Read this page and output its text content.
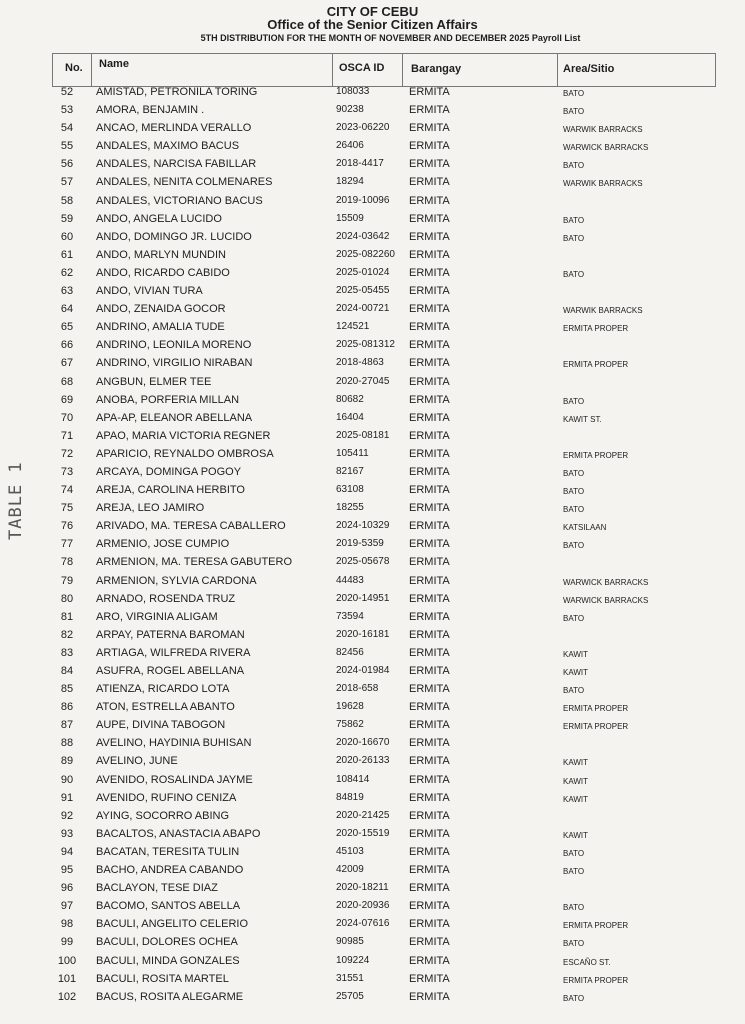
CITY OF CEBU
Office of the Senior Citizen Affairs
5TH DISTRIBUTION FOR THE MONTH OF NOVEMBER AND DECEMBER 2025 Payroll List
No. Name	OSCA ID Barangay	Area/Sitio
52	AMISTAD, PETRONILA TORING	108033	ERMITA	BATO
53	AMORA, BENJAMIN .	90238	ERMITA	BATO
54	ANCAO, MERLINDA VERALLO	2023-06220 ERMITA	WARWIK BARRACKS
55	ANDALES, MAXIMO BACUS	26406	ERMITA	WARWICK BARRACKS
56	ANDALES, NARCISA FABILLAR	2018-4417 ERMITA	BATO
57	ANDALES, NENITA COLMENARES	18294	ERMITA	WARWIK BARRACKS
58	ANDALES, VICTORIANO BACUS	2019-10096 ERMITA
59	ANDO, ANGELA LUCIDO	15509	ERMITA	BATO
60	ANDO, DOMINGO JR. LUCIDO	2024-03642 ERMITA	BATO
61	ANDO, MARLYN MUNDIN	2025-082260 ERMITA
62	ANDO, RICARDO CABIDO	2025-01024 ERMITA	BATO
63	ANDO, VIVIAN TURA	2025-05455 ERMITA
64	ANDO, ZENAIDA GOCOR	2024-00721 ERMITA	WARWIK BARRACKS
65	ANDRINO, AMALIA TUDE	124521	ERMITA	ERMITA PROPER
66	ANDRINO, LEONILA MORENO	2025-081312 ERMITA
67	ANDRINO, VIRGILIO NIRABAN	2018-4863 ERMITA	ERMITA PROPER
68	ANGBUN, ELMER TEE	2020-27045 ERMITA
69	ANOBA, PORFERIA MILLAN	80682	ERMITA	BATO
70	APA-AP, ELEANOR ABELLANA	16404	ERMITA	KAWIT ST.
71	APAO, MARIA VICTORIA REGNER	2025-08181 ERMITA
72	APARICIO, REYNALDO OMBROSA	105411	ERMITA	ERMITA PROPER
73	ARCAYA, DOMINGA POGOY	82167	ERMITA	BATO
74	AREJA, CAROLINA HERBITO	63108	ERMITA	BATO
75	AREJA, LEO JAMIRO	18255	ERMITA	BATO
76	ARIVADO, MA. TERESA CABALLERO	2024-10329 ERMITA	KATSILAAN
77	ARMENIO, JOSE CUMPIO	2019-5359 ERMITA	BATO
78	ARMENION, MA. TERESA GABUTERO	2025-05678 ERMITA
79	ARMENION, SYLVIA CARDONA	44483	ERMITA	WARWICK BARRACKS
80	ARNADO, ROSENDA TRUZ	2020-14951 ERMITA	WARWICK BARRACKS
81	ARO, VIRGINIA ALIGAM	73594	ERMITA	BATO
82	ARPAY, PATERNA BAROMAN	2020-16181 ERMITA
83	ARTIAGA, WILFREDA RIVERA	82456	ERMITA	KAWIT
84	ASUFRA, ROGEL ABELLANA	2024-01984 ERMITA	KAWIT
85	ATIENZA, RICARDO LOTA	2018-658	ERMITA	BATO
86	ATON, ESTRELLA ABANTO	19628	ERMITA	ERMITA PROPER
87	AUPE, DIVINA TABOGON	75862	ERMITA	ERMITA PROPER
88	AVELINO, HAYDINIA BUHISAN	2020-16670 ERMITA
89	AVELINO, JUNE	2020-26133 ERMITA	KAWIT
90	AVENIDO, ROSALINDA JAYME	108414	ERMITA	KAWIT
91	AVENIDO, RUFINO CENIZA	84819	ERMITA	KAWIT
92	AYING, SOCORRO ABING	2020-21425 ERMITA
93	BACALTOS, ANASTACIA ABAPO	2020-15519 ERMITA	KAWIT
94	BACATAN, TERESITA TULIN	45103	ERMITA	BATO
95	BACHO, ANDREA CABANDO	42009	ERMITA	BATO
96	BACLAYON, TESE DIAZ	2020-18211 ERMITA
97	BACOMO, SANTOS ABELLA	2020-20936 ERMITA	BATO
98	BACULI, ANGELITO CELERIO	2024-07616 ERMITA	ERMITA PROPER
99	BACULI, DOLORES OCHEA	90985	ERMITA	BATO
100	BACULI, MINDA GONZALES	109224	ERMITA	ESCAÑO ST.
101	BACULI, ROSITA MARTEL	31551	ERMITA	ERMITA PROPER
102	BACUS, ROSITA ALEGARME	25705	ERMITA	BATO
TABLE 1
